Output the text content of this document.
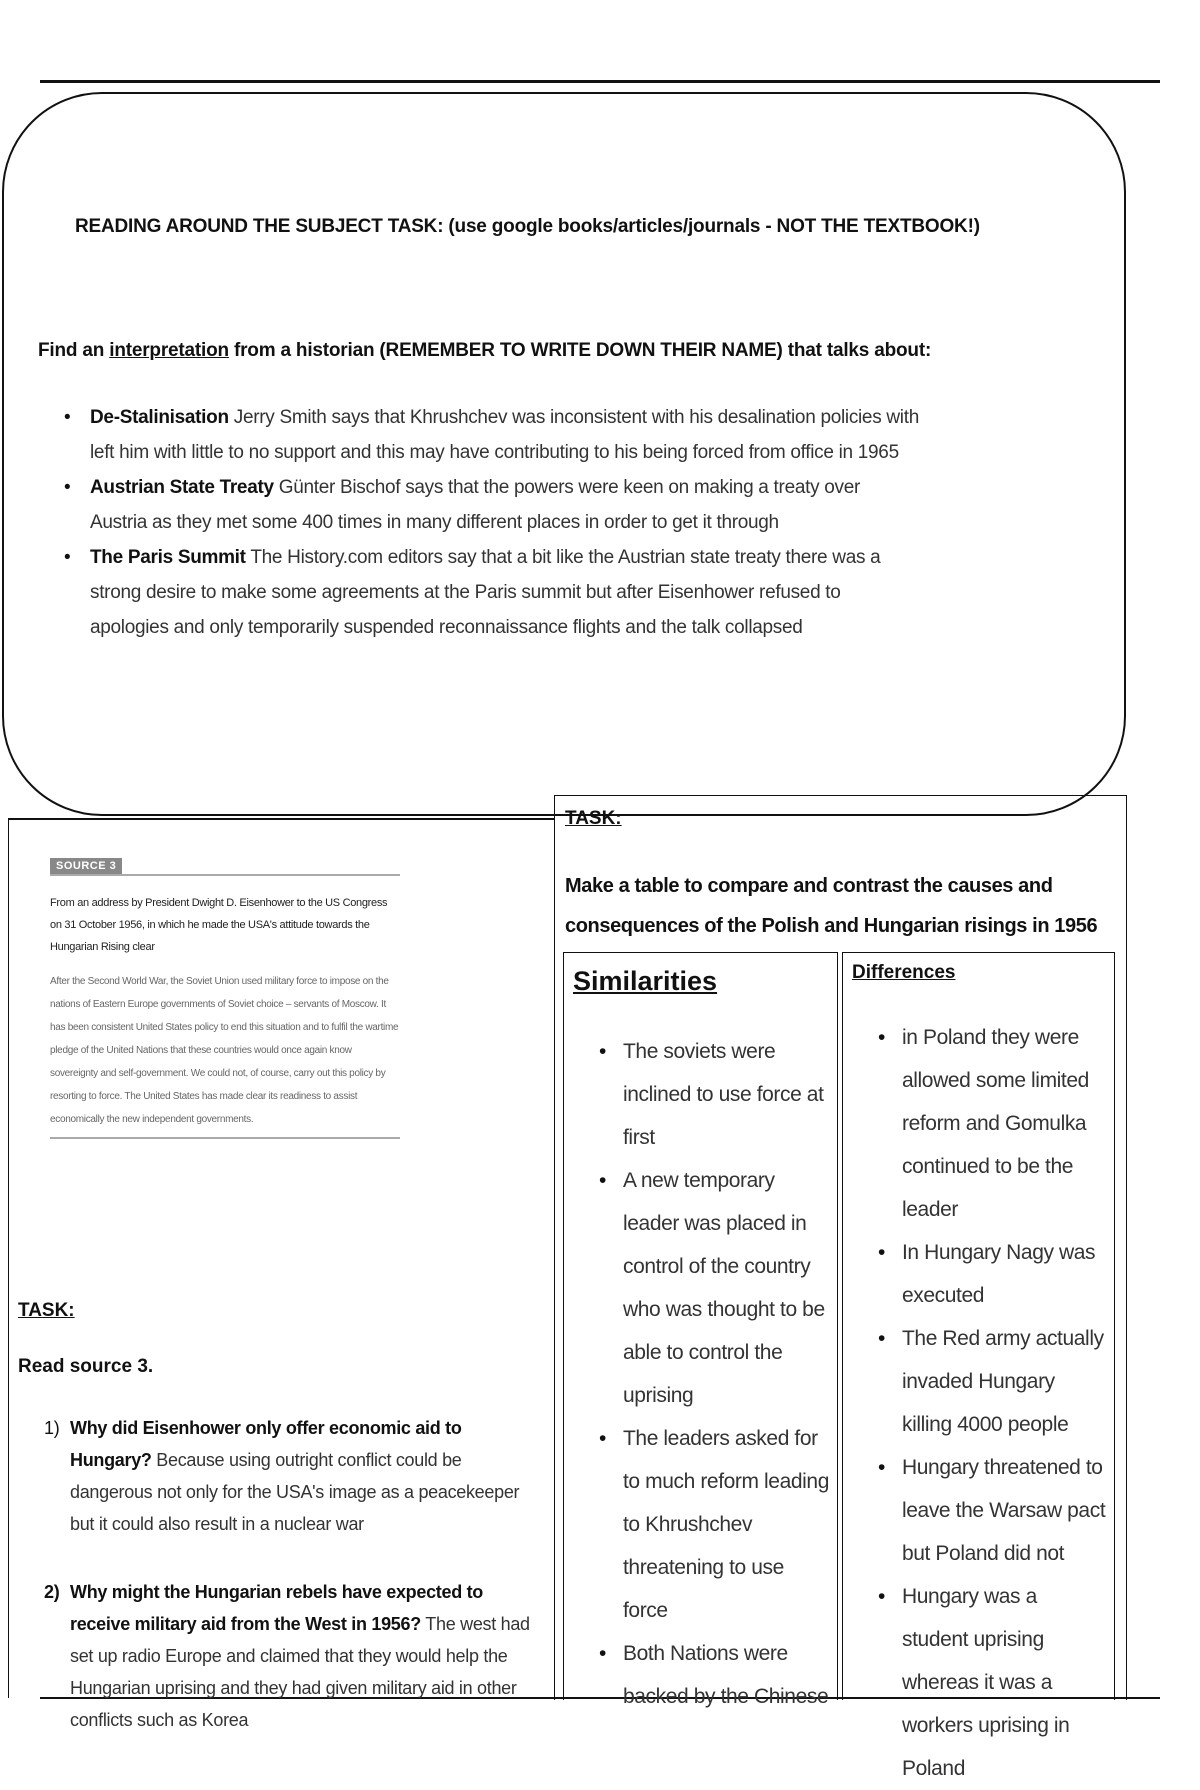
READING AROUND THE SUBJECT TASK: (use google books/articles/journals - NOT THE TEXTBOOK!)
Find an interpretation from a historian (REMEMBER TO WRITE DOWN THEIR NAME) that talks about:
• De-Stalinisation Jerry Smith says that Khrushchev was inconsistent with his desalination policies with left him with little to no support and this may have contributing to his being forced from office in 1965
• Austrian State Treaty Günter Bischof says that the powers were keen on making a treaty over Austria as they met some 400 times in many different places in order to get it through
• The Paris Summit The History.com editors say that a bit like the Austrian state treaty there was a strong desire to make some agreements at the Paris summit but after Eisenhower refused to apologies and only temporarily suspended reconnaissance flights and the talk collapsed
SOURCE 3
From an address by President Dwight D. Eisenhower to the US Congress on 31 October 1956, in which he made the USA's attitude towards the Hungarian Rising clear
After the Second World War, the Soviet Union used military force to impose on the nations of Eastern Europe governments of Soviet choice – servants of Moscow. It has been consistent United States policy to end this situation and to fulfil the wartime pledge of the United Nations that these countries would once again know sovereignty and self-government. We could not, of course, carry out this policy by resorting to force. The United States has made clear its readiness to assist economically the new independent governments.
TASK:
Read source 3.
1) Why did Eisenhower only offer economic aid to Hungary? Because using outright conflict could be dangerous not only for the USA's image as a peacekeeper but it could also result in a nuclear war
2) Why might the Hungarian rebels have expected to receive military aid from the West in 1956? The west had set up radio Europe and claimed that they would help the Hungarian uprising and they had given military aid in other conflicts such as Korea
TASK:
Make a table to compare and contrast the causes and consequences of the Polish and Hungarian risings in 1956
Similarities	Differences
• The soviets were inclined to use force at first
• A new temporary leader was placed in control of the country who was thought to be able to control the uprising
• The leaders asked for to much reform leading to Khrushchev threatening to use force
• Both Nations were backed by the Chinese
• in Poland they were allowed some limited reform and Gomulka continued to be the leader
• In Hungary Nagy was executed
• The Red army actually invaded Hungary killing 4000 people
• Hungary threatened to leave the Warsaw pact but Poland did not
• Hungary was a student uprising whereas it was a workers uprising in Poland
